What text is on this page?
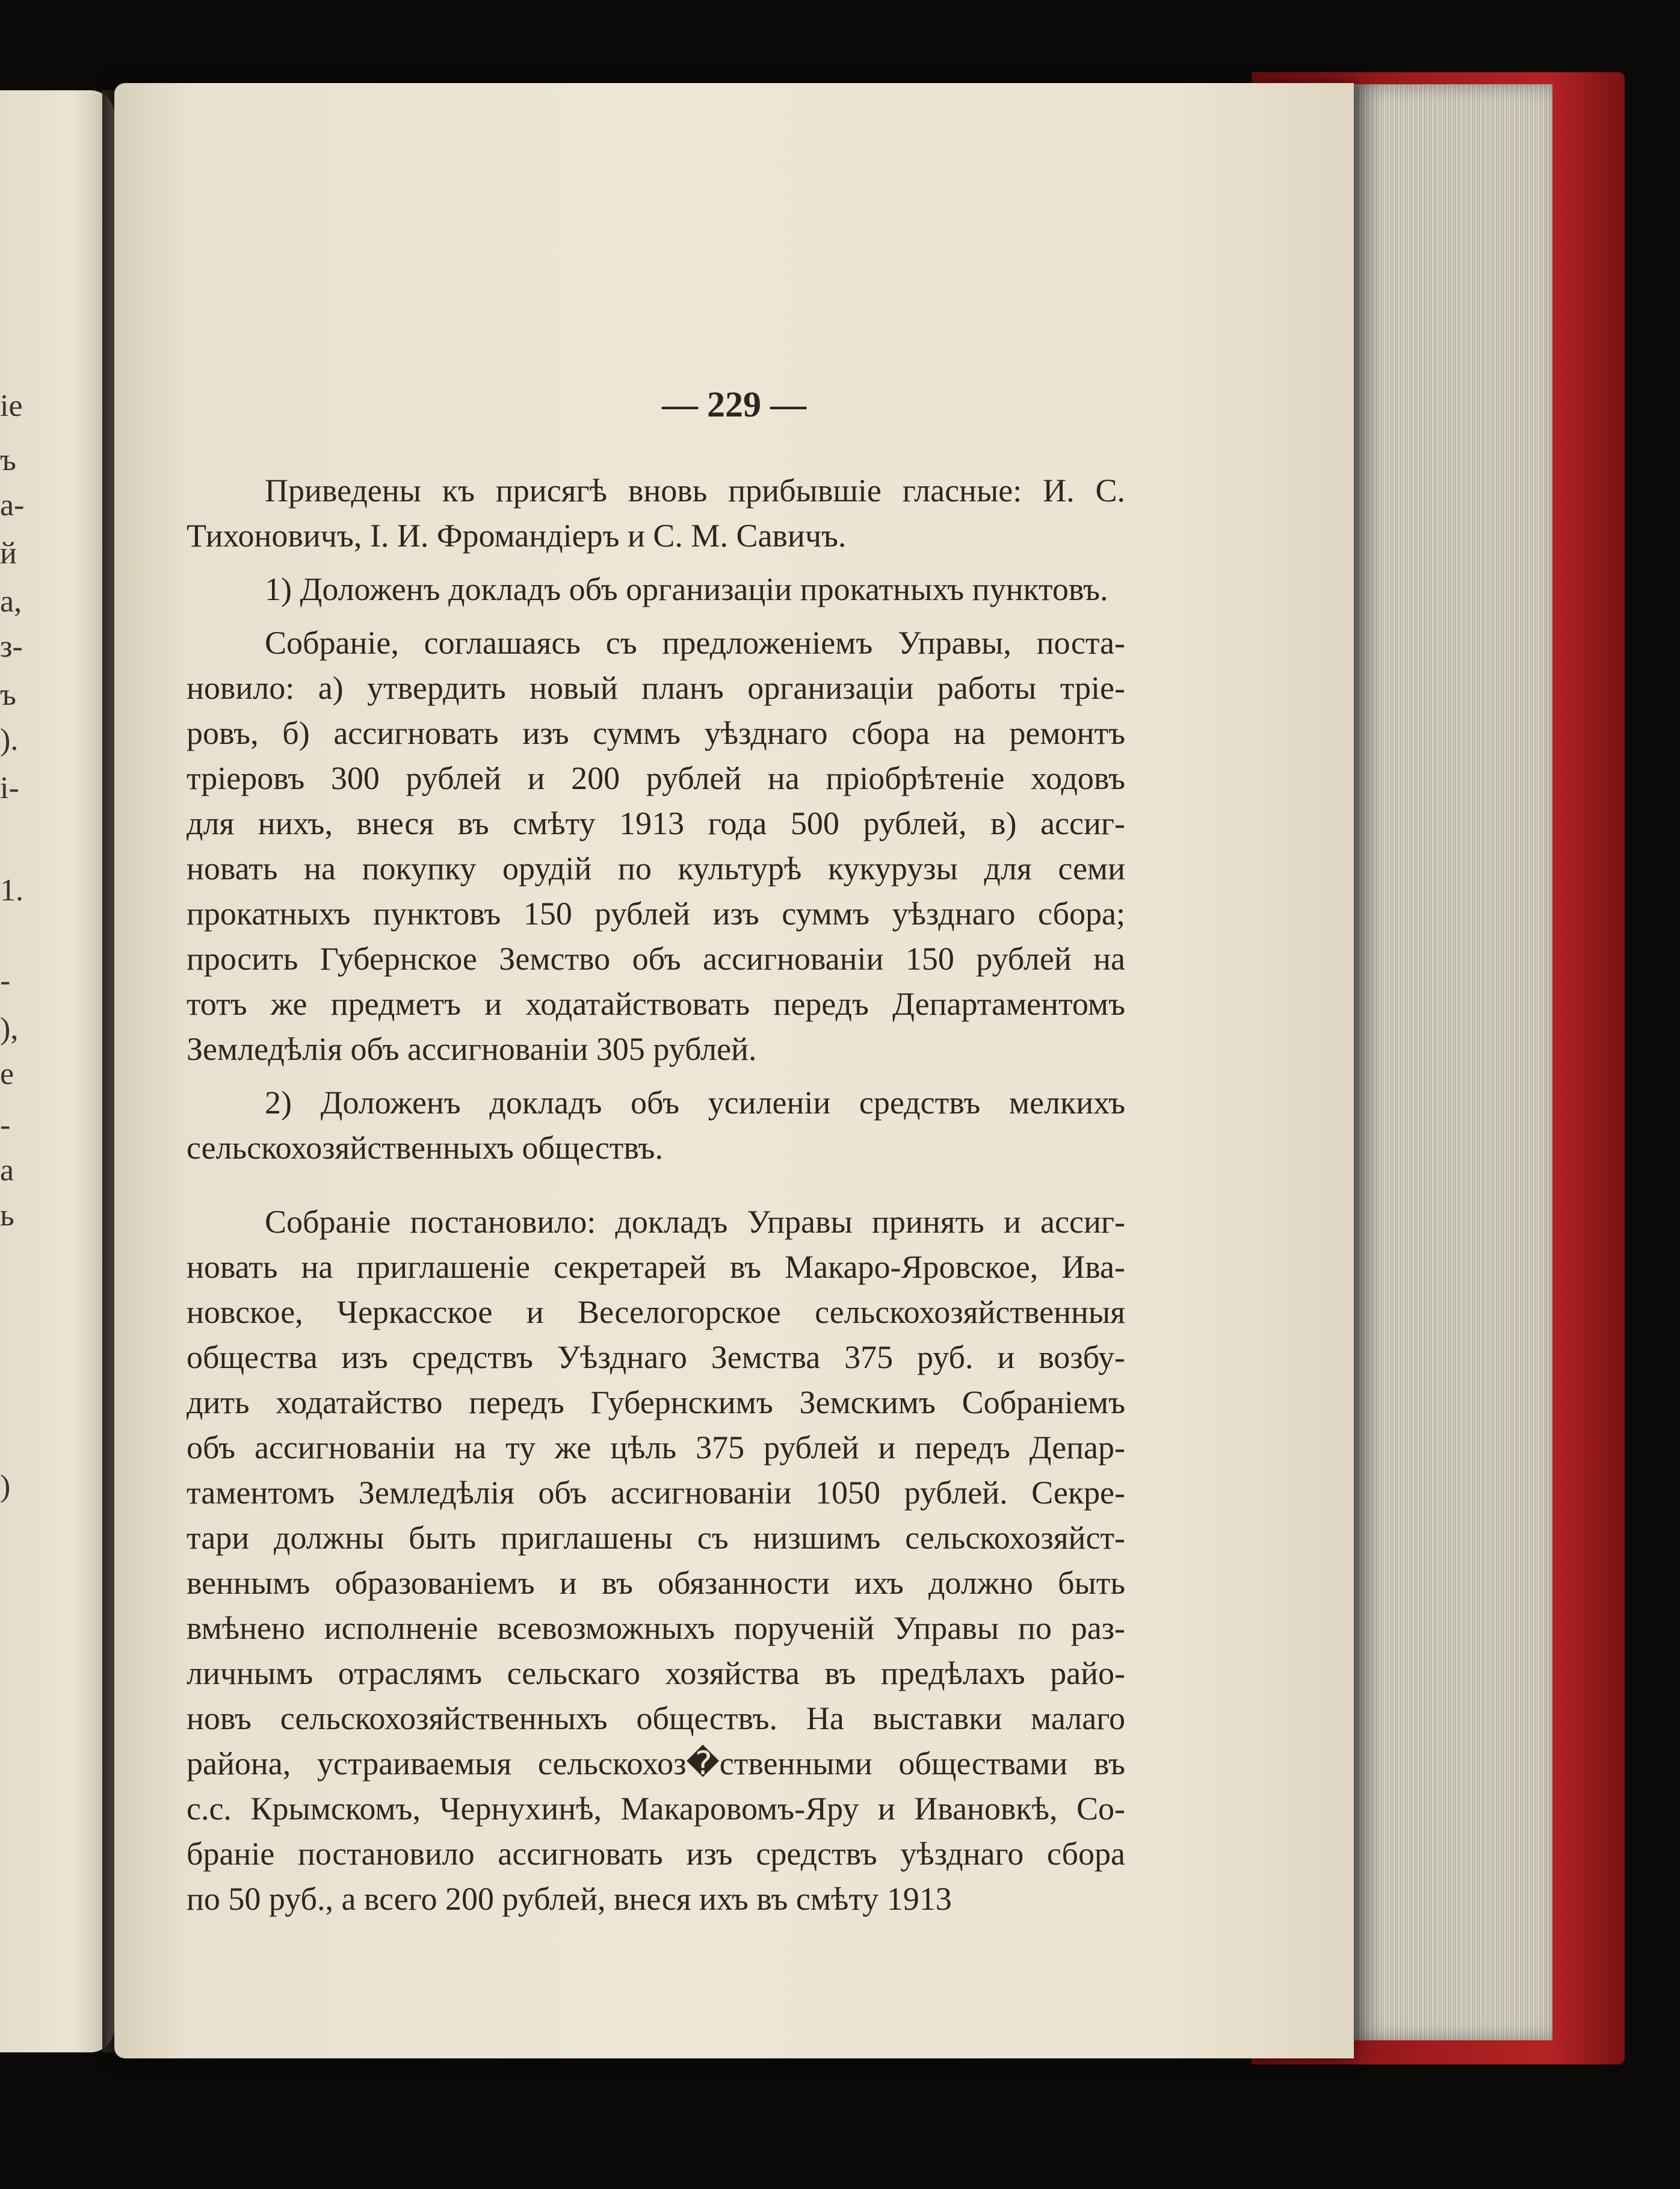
іе
ъ
а-
й
а,
з-
ъ
).
і-
1.
-
),
е
-
а
ь
)
— 229 —
Приведены къ присягѣ вновь прибывшіе гласные: И. С.
Тихоновичъ, І. И. Фромандіеръ и С. М. Савичъ.
1) Доложенъ докладъ объ организаціи прокатныхъ пунктовъ.
Собраніе, соглашаясь съ предложеніемъ Управы, поста-
новило: а) утвердить новый планъ организаціи работы тріе-
ровъ, б) ассигновать изъ суммъ уѣзднаго сбора на ремонтъ
тріеровъ 300 рублей и 200 рублей на пріобрѣтеніе ходовъ
для нихъ, внеся въ смѣту 1913 года 500 рублей, в) ассиг-
новать на покупку орудій по культурѣ кукурузы для семи
прокатныхъ пунктовъ 150 рублей изъ суммъ уѣзднаго сбора;
просить Губернское Земство объ ассигнованіи 150 рублей на
тотъ же предметъ и ходатайствовать передъ Департаментомъ
Земледѣлія объ ассигнованіи 305 рублей.
2) Доложенъ докладъ объ усиленіи средствъ мелкихъ
сельскохозяйственныхъ обществъ.
Собраніе постановило: докладъ Управы принять и ассиг-
новать на приглашеніе секретарей въ Макаро-Яровское, Ива-
новское, Черкасское и Веселогорское сельскохозяйственныя
общества изъ средствъ Уѣзднаго Земства 375 руб. и возбу-
дить ходатайство передъ Губернскимъ Земскимъ Собраніемъ
объ ассигнованіи на ту же цѣль 375 рублей и передъ Депар-
таментомъ Земледѣлія объ ассигнованіи 1050 рублей. Секре-
тари должны быть приглашены съ низшимъ сельскохозяйст-
веннымъ образованіемъ и въ обязанности ихъ должно быть
вмѣнено исполненіе всевозможныхъ порученій Управы по раз-
личнымъ отраслямъ сельскаго хозяйства въ предѣлахъ райо-
новъ сельскохозяйственныхъ обществъ. На выставки малаго
района, устраиваемыя сельскохоз�ственными обществами въ
с.с. Крымскомъ, Чернухинѣ, Макаровомъ-Яру и Ивановкѣ, Со-
браніе постановило ассигновать изъ средствъ уѣзднаго сбора
по 50 руб., а всего 200 рублей, внеся ихъ въ смѣту 1913
